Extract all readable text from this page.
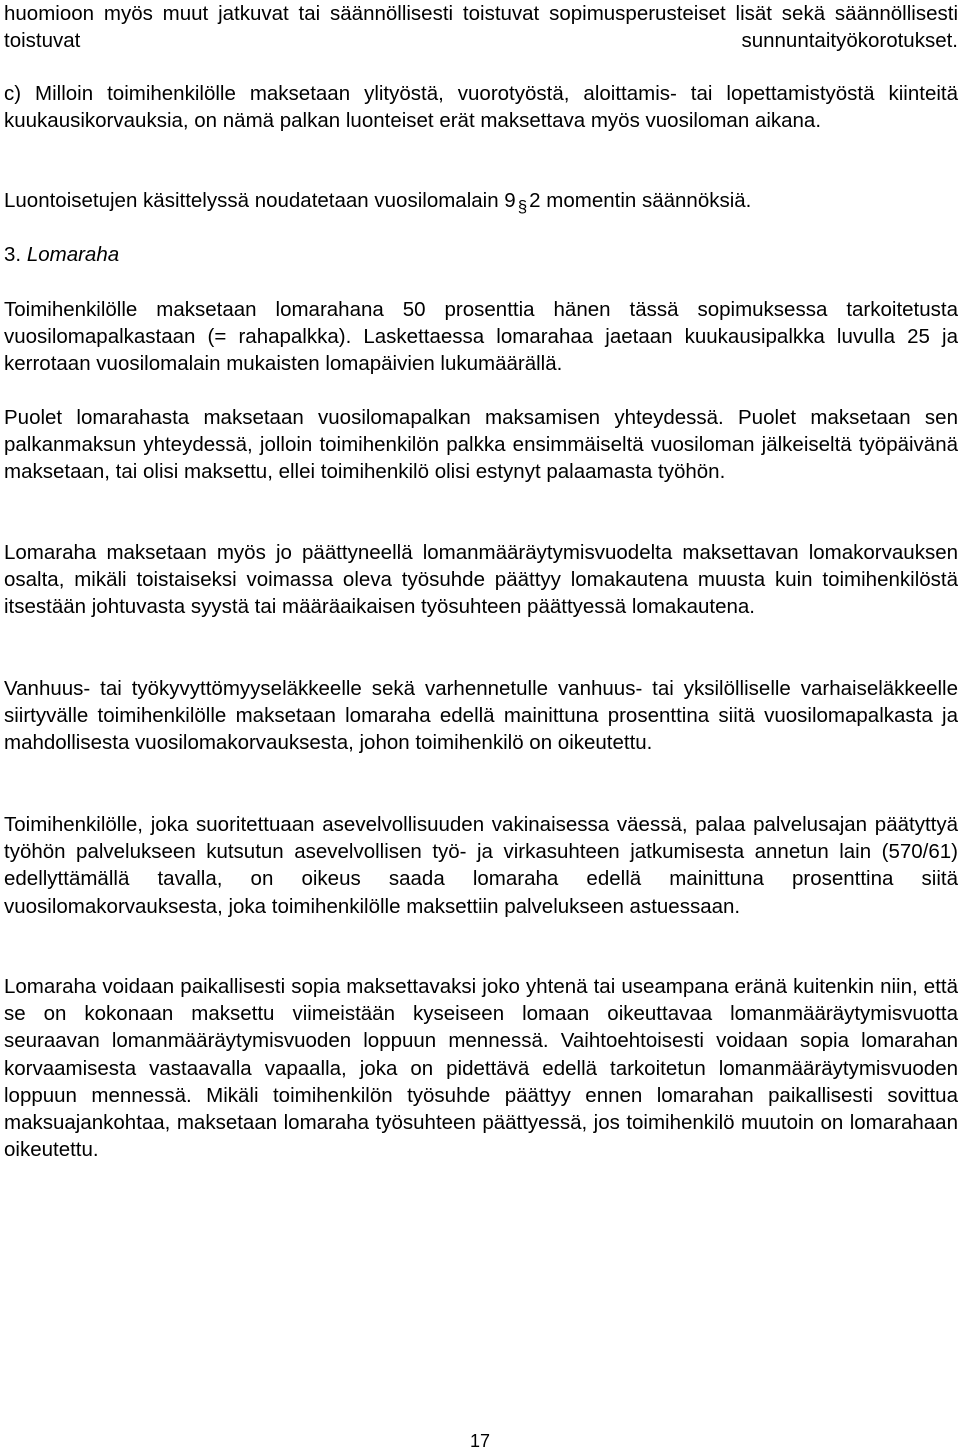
huomioon myös muut jatkuvat tai säännöllisesti toistuvat sopimusperusteiset lisät sekä säännöllisesti toistuvat sunnuntaityökorotukset.

c) Milloin toimihenkilölle maksetaan ylityöstä, vuorotyöstä, aloittamis- tai lopettamistyöstä kiinteitä kuukausikorvauksia, on nämä palkan luonteiset erät maksettava myös vuosiloman aikana.

Luontoisetujen käsittelyssä noudatetaan vuosilomalain 9 §2 momentin säännöksiä.

3. Lomaraha

Toimihenkilölle maksetaan lomarahana 50 prosenttia hänen tässä sopimuksessa tarkoitetusta vuosilomapalkastaan (= rahapalkka). Laskettaessa lomarahaa jaetaan kuukausipalkka luvulla 25 ja kerrotaan vuosilomalain mukaisten lomapäivien lukumäärällä.

Puolet lomarahasta maksetaan vuosilomapalkan maksamisen yhteydessä. Puolet maksetaan sen palkanmaksun yhteydessä, jolloin toimihenkilön palkka ensimmäiseltä vuosiloman jälkeiseltä työpäivänä maksetaan, tai olisi maksettu, ellei toimihenkilö olisi estynyt palaamasta työhön.

Lomaraha maksetaan myös jo päättyneellä lomanmääräytymisvuodelta maksettavan lomakorvauksen osalta, mikäli toistaiseksi voimassa oleva työsuhde päättyy lomakautena muusta kuin toimihenkilöstä itsestään johtuvasta syystä tai määräaikaisen työsuhteen päättyessä lomakautena.

Vanhuus- tai työkyvyttömyyseläkkeelle sekä varhennetulle vanhuus- tai yksilölliselle varhaiseläkkeelle siirtyvälle toimihenkilölle maksetaan lomaraha edellä mainittuna prosenttina siitä vuosilomapalkasta ja mahdollisesta vuosilomakorvauksesta, johon toimihenkilö on oikeutettu.

Toimihenkilölle, joka suoritettuaan asevelvollisuuden vakinaisessa väessä, palaa palvelusajan päätyttyä työhön palvelukseen kutsutun asevelvollisen työ- ja virkasuhteen jatkumisesta annetun lain (570/61) edellyttämällä tavalla, on oikeus saada lomaraha edellä mainittuna prosenttina siitä vuosilomakorvauksesta, joka toimihenkilölle maksettiin palvelukseen astuessaan.

Lomaraha voidaan paikallisesti sopia maksettavaksi joko yhtenä tai useampana eränä kuitenkin niin, että se on kokonaan maksettu viimeistään kyseiseen lomaan oikeuttavaa lomanmääräytymisvuotta seuraavan lomanmääräytymisvuoden loppuun mennessä. Vaihtoehtoisesti voidaan sopia lomarahan korvaamisesta vastaavalla vapaalla, joka on pidettävä edellä tarkoitetun lomanmääräytymisvuoden loppuun mennessä. Mikäli toimihenkilön työsuhde päättyy ennen lomarahan paikallisesti sovittua maksuajankohtaa, maksetaan lomaraha työsuhteen päättyessä, jos toimihenkilö muutoin on lomarahaan oikeutettu.

17
